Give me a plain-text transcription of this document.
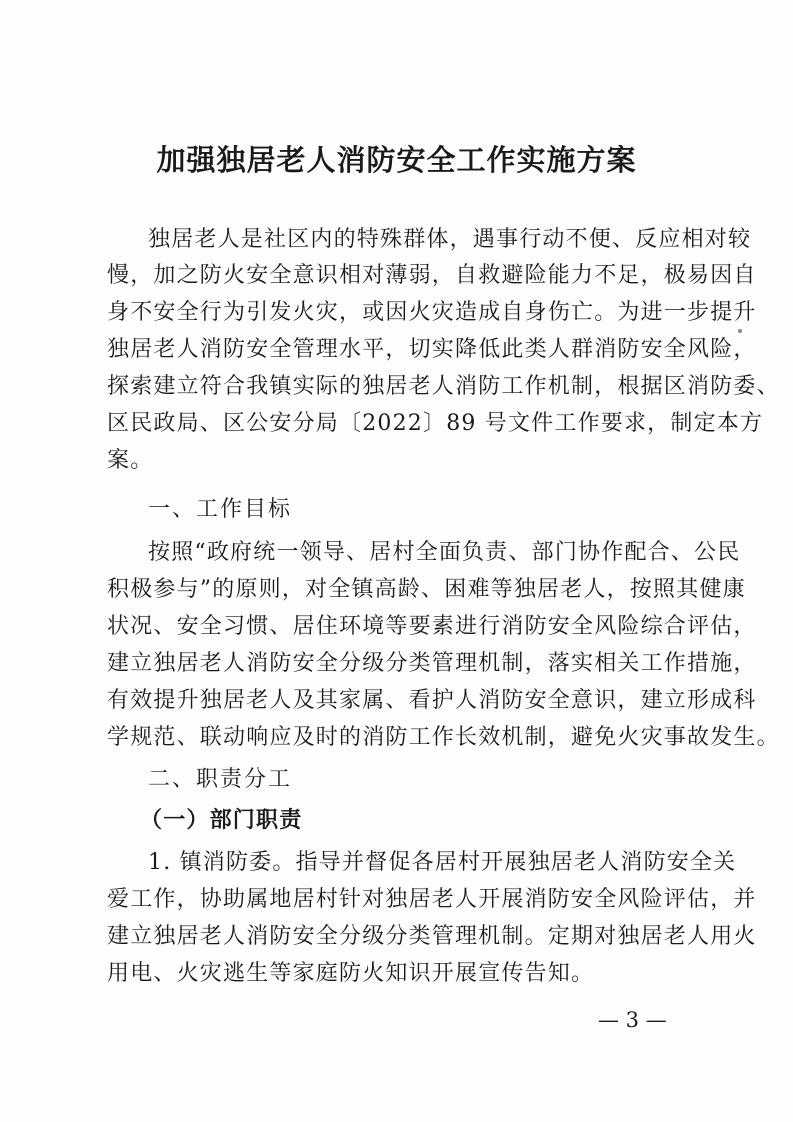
加强独居老人消防安全工作实施方案
独居老人是社区内的特殊群体，遇事行动不便、反应相对较
慢，加之防火安全意识相对薄弱，自救避险能力不足，极易因自
身不安全行为引发火灾，或因火灾造成自身伤亡。为进一步提升
独居老人消防安全管理水平，切实降低此类人群消防安全风险，
探索建立符合我镇实际的独居老人消防工作机制，根据区消防委、
区民政局、区公安分局〔2022〕89 号文件工作要求，制定本方
案。
一、工作目标
按照“政府统一领导、居村全面负责、部门协作配合、公民
积极参与”的原则，对全镇高龄、困难等独居老人，按照其健康
状况、安全习惯、居住环境等要素进行消防安全风险综合评估，
建立独居老人消防安全分级分类管理机制，落实相关工作措施，
有效提升独居老人及其家属、看护人消防安全意识，建立形成科
学规范、联动响应及时的消防工作长效机制，避免火灾事故发生。
二、职责分工
（一）部门职责
1. 镇消防委。指导并督促各居村开展独居老人消防安全关
爱工作，协助属地居村针对独居老人开展消防安全风险评估，并
建立独居老人消防安全分级分类管理机制。定期对独居老人用火
用电、火灾逃生等家庭防火知识开展宣传告知。
— 3 —
